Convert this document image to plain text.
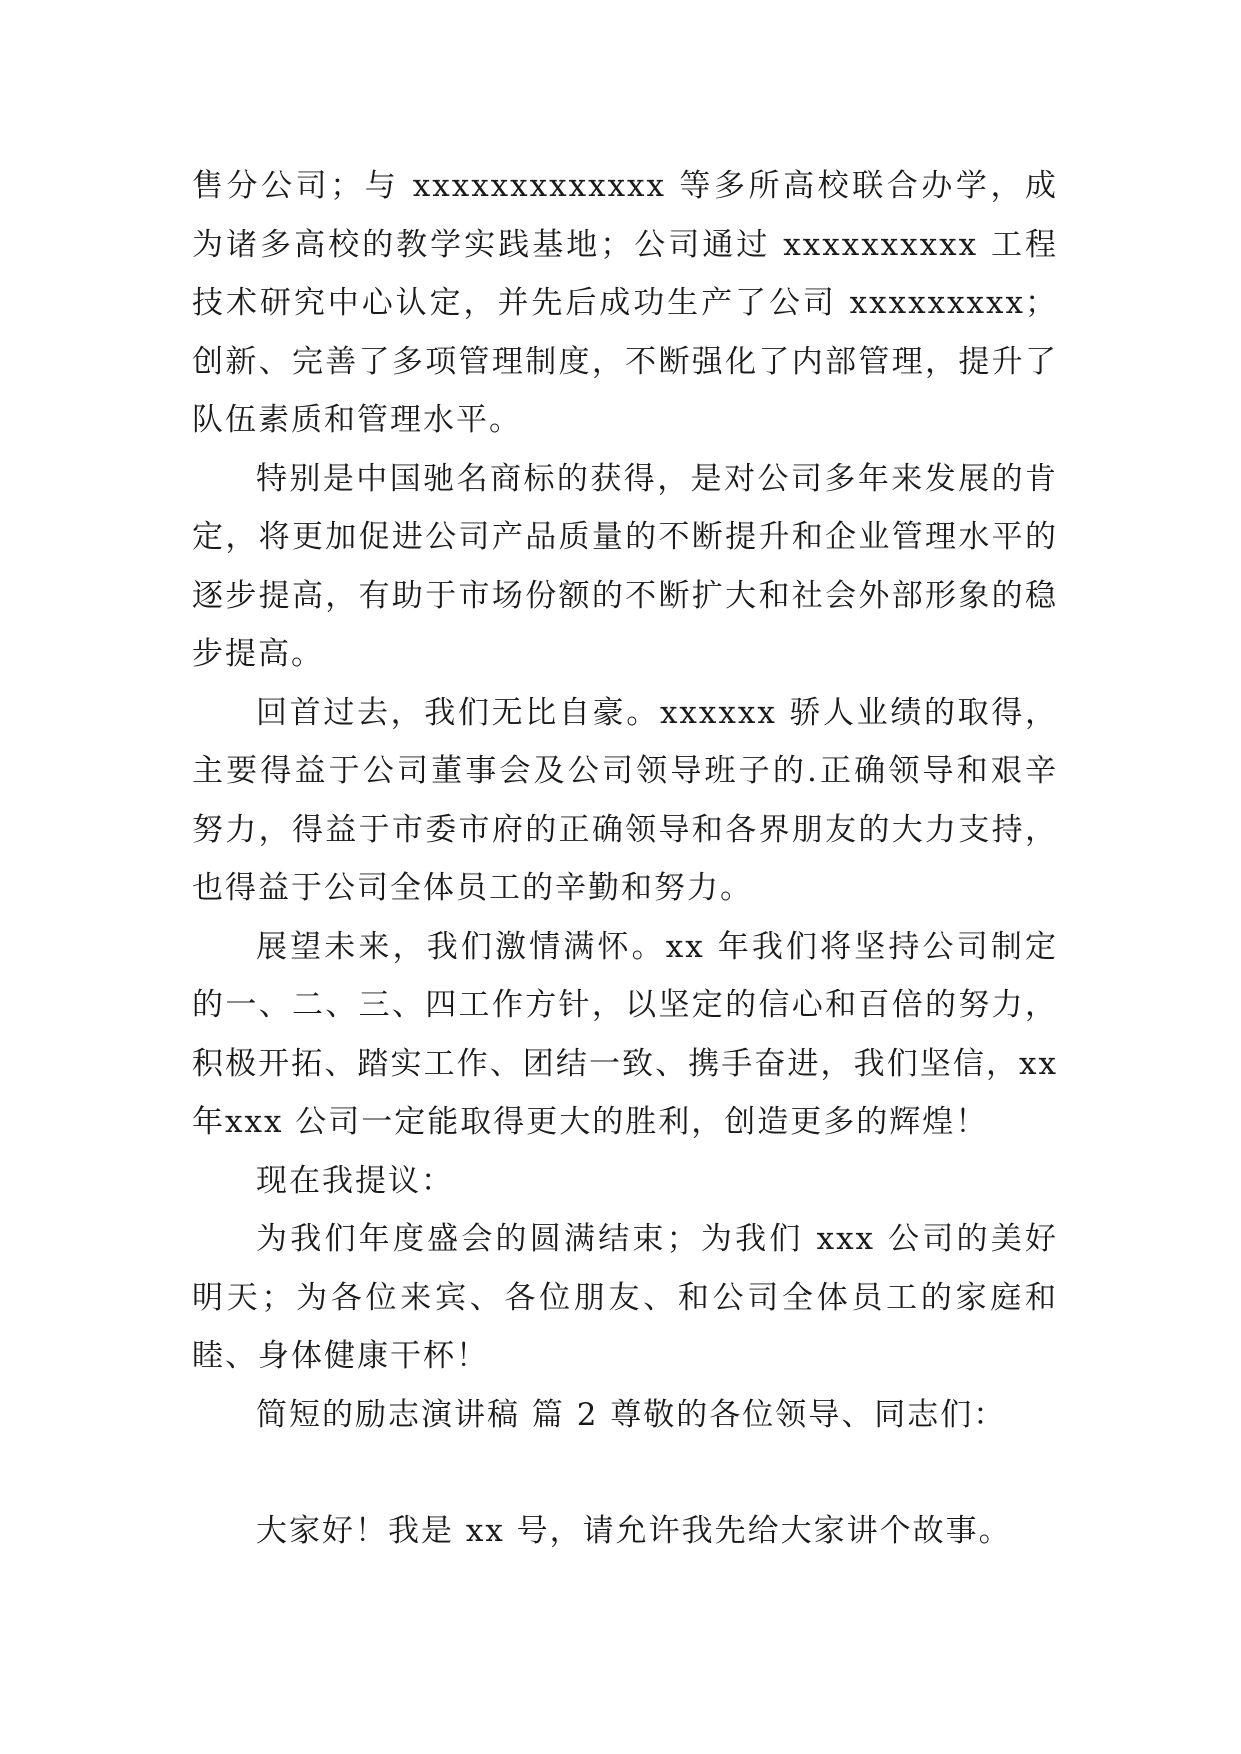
售分公司；与 xxxxxxxxxxxxx 等多所高校联合办学，成为诸多高校的教学实践基地；公司通过 xxxxxxxxxx 工程技术研究中心认定，并先后成功生产了公司 xxxxxxxxx；创新、完善了多项管理制度，不断强化了内部管理，提升了队伍素质和管理水平。

特别是中国驰名商标的获得，是对公司多年来发展的肯定，将更加促进公司产品质量的不断提升和企业管理水平的逐步提高，有助于市场份额的不断扩大和社会外部形象的稳步提高。

回首过去，我们无比自豪。xxxxxx 骄人业绩的取得，主要得益于公司董事会及公司领导班子的.正确领导和艰辛努力，得益于市委市府的正确领导和各界朋友的大力支持，也得益于公司全体员工的辛勤和努力。

展望未来，我们激情满怀。xx 年我们将坚持公司制定的一、二、三、四工作方针，以坚定的信心和百倍的努力，积极开拓、踏实工作、团结一致、携手奋进，我们坚信，xx 年xxx 公司一定能取得更大的胜利，创造更多的辉煌！

现在我提议：

为我们年度盛会的圆满结束；为我们 xxx 公司的美好明天；为各位来宾、各位朋友、和公司全体员工的家庭和睦、身体健康干杯！

简短的励志演讲稿 篇 2 尊敬的各位领导、同志们：

大家好！我是 xx 号，请允许我先给大家讲个故事。
